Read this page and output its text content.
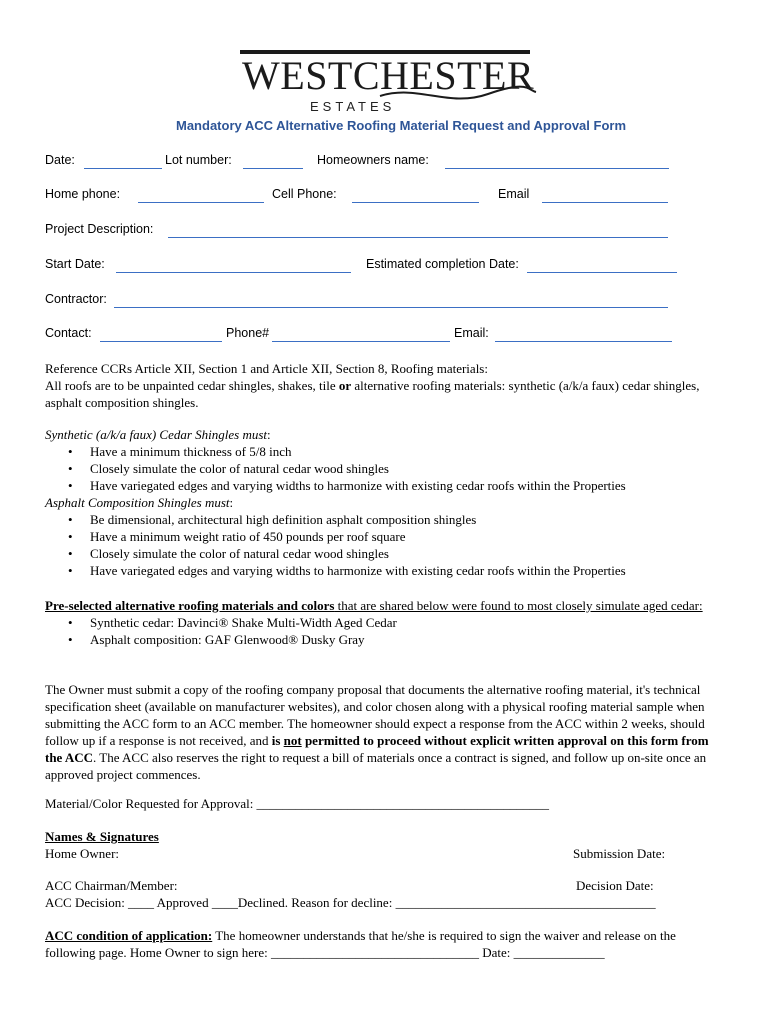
WESTCHESTER
ESTATES
Mandatory ACC Alternative Roofing Material Request and Approval Form
Date:	Lot number:	Homeowners name:
Home phone:	Cell Phone:	Email
Project Description:
Start Date:	Estimated completion Date:
Contractor:
Contact:	Phone#	Email:
Reference CCRs Article XII, Section 1 and Article XII, Section 8, Roofing materials:
All roofs are to be unpainted cedar shingles, shakes, tile or alternative roofing materials: synthetic (a/k/a faux) cedar shingles, asphalt composition shingles.
Synthetic (a/k/a faux) Cedar Shingles must:
• Have a minimum thickness of 5/8 inch
• Closely simulate the color of natural cedar wood shingles
• Have variegated edges and varying widths to harmonize with existing cedar roofs within the Properties
Asphalt Composition Shingles must:
• Be dimensional, architectural high definition asphalt composition shingles
• Have a minimum weight ratio of 450 pounds per roof square
• Closely simulate the color of natural cedar wood shingles
• Have variegated edges and varying widths to harmonize with existing cedar roofs within the Properties
Pre-selected alternative roofing materials and colors that are shared below were found to most closely simulate aged cedar:
• Synthetic cedar: Davinci® Shake Multi-Width Aged Cedar
• Asphalt composition: GAF Glenwood® Dusky Gray
The Owner must submit a copy of the roofing company proposal that documents the alternative roofing material, it's technical specification sheet (available on manufacturer websites), and color chosen along with a physical roofing material sample when submitting the ACC form to an ACC member. The homeowner should expect a response from the ACC within 2 weeks, should follow up if a response is not received, and is not permitted to proceed without explicit written approval on this form from the ACC. The ACC also reserves the right to request a bill of materials once a contract is signed, and follow up on-site once an approved project commences.
Material/Color Requested for Approval: _____________________________________________
Names & Signatures
Home Owner:	Submission Date:
ACC Chairman/Member:	Decision Date:
ACC Decision: ____ Approved ____Declined. Reason for decline: ________________________________________
ACC condition of application: The homeowner understands that he/she is required to sign the waiver and release on the following page. Home Owner to sign here: ________________________________ Date: ______________
